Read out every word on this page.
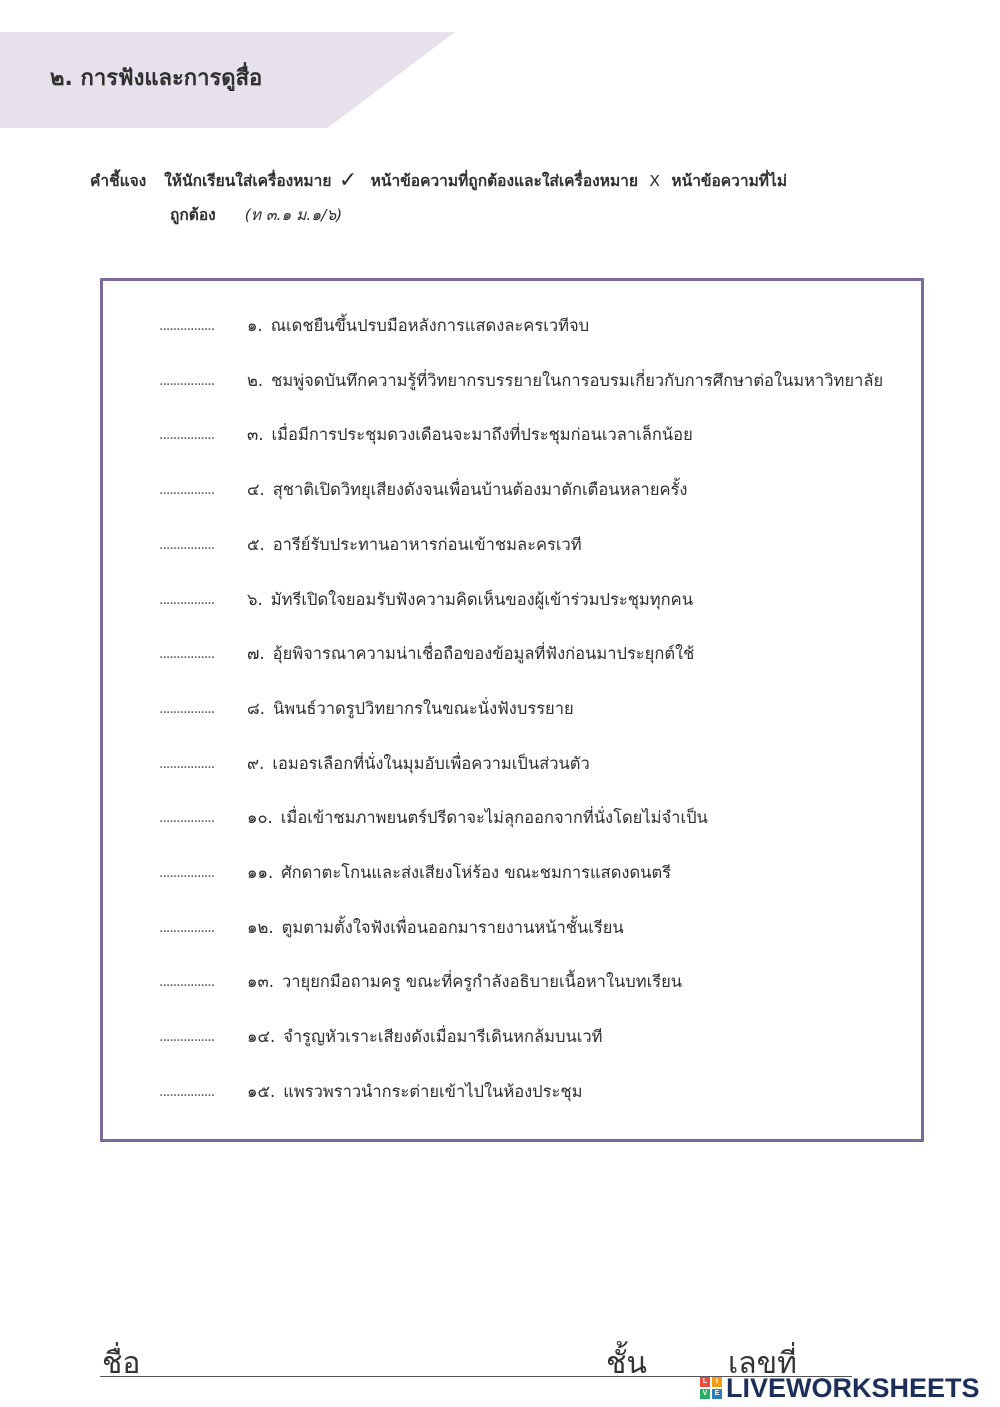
๒. การฟังและการดูสื่อ
คำชี้แจง ให้นักเรียนใส่เครื่องหมาย ✓ หน้าข้อความที่ถูกต้องและใส่เครื่องหมาย X หน้าข้อความที่ไม่
ถูกต้อง (ท ๓.๑ ม.๑/๖)
................	๑. ณเดชยืนขึ้นปรบมือหลังการแสดงละครเวทีจบ
................	๒. ชมพู่จดบันทึกความรู้ที่วิทยากรบรรยายในการอบรมเกี่ยวกับการศึกษาต่อในมหาวิทยาลัย
................	๓. เมื่อมีการประชุมดวงเดือนจะมาถึงที่ประชุมก่อนเวลาเล็กน้อย
................	๔. สุชาติเปิดวิทยุเสียงดังจนเพื่อนบ้านต้องมาตักเตือนหลายครั้ง
................	๕. อารีย์รับประทานอาหารก่อนเข้าชมละครเวที
................	๖. มัทรีเปิดใจยอมรับฟังความคิดเห็นของผู้เข้าร่วมประชุมทุกคน
................	๗. อุ้ยพิจารณาความน่าเชื่อถือของข้อมูลที่ฟังก่อนมาประยุกต์ใช้
................	๘. นิพนธ์วาดรูปวิทยากรในขณะนั่งฟังบรรยาย
................	๙. เอมอรเลือกที่นั่งในมุมอับเพื่อความเป็นส่วนตัว
................	๑๐. เมื่อเข้าชมภาพยนตร์ปรีดาจะไม่ลุกออกจากที่นั่งโดยไม่จำเป็น
................	๑๑. ศักดาตะโกนและส่งเสียงโห่ร้อง ขณะชมการแสดงดนตรี
................	๑๒. ตูมตามตั้งใจฟังเพื่อนออกมารายงานหน้าชั้นเรียน
................	๑๓. วายุยกมือถามครู ขณะที่ครูกำลังอธิบายเนื้อหาในบทเรียน
................	๑๔. จำรูญหัวเราะเสียงดังเมื่อมารีเดินหกล้มบนเวที
................	๑๕. แพรวพราวนำกระต่ายเข้าไปในห้องประชุม
ชื่อ	ชั้น	เลขที่
L	I
V	E LIVEWORKSHEETS
